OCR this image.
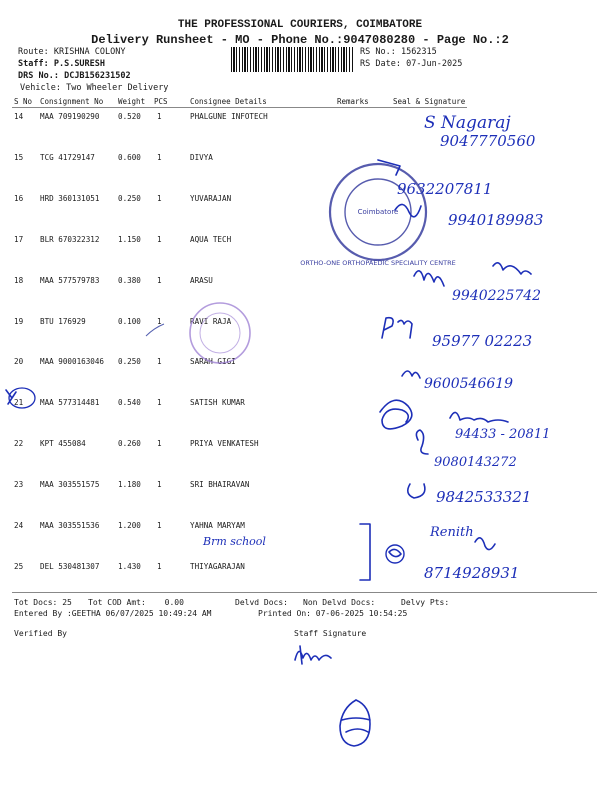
THE PROFESSIONAL COURIERS, COIMBATORE
Delivery Runsheet - MO - Phone No.:9047080280 - Page No.:2
Route: KRISHNA COLONY
Staff: P.S.SURESH
DRS No.: DCJB156231502
Vehicle: Two Wheeler Delivery
RS No.: 1562315
RS Date: 07-Jun-2025
S No Consignment No Weight PCS	Consignee Details	Remarks	Seal & Signature
14 MAA 709190290 0.520 1	PHALGUNE INFOTECH
15 TCG 41729147	0.600 1	DIVYA
16 HRD 360131051 0.250 1	YUVARAJAN
17 BLR 670322312 1.150 1	AQUA TECH
18 MAA 577579783 0.380 1	ARASU
19 BTU 176929	0.100 1	RAVI RAJA
20 MAA 9000163046 0.250 1	SARAH GIGI
21 MAA 577314481 0.540 1	SATISH KUMAR
22 KPT 455084	0.260 1	PRIYA VENKATESH
23 MAA 303551575 1.180 1	SRI BHAIRAVAN
24 MAA 303551536 1.200 1	YAHNA MARYAM
25 DEL 530481307 1.430 1	THIYAGARAJAN
S Nagaraj
9047770560
Coimbatore
ORTHO-ONE ORTHOPAEDIC SPECIALITY CENTRE
9632207811
9940189983
9940225742
95977 02223
9600546619
94433 - 20811
9080143272
9842533321
Brm school
Renith
8714928931
Tot Docs: 25 Tot COD Amt: 0.00	Delvd Docs: Non Delvd Docs:	Delvy Pts:
Entered By :GEETHA 06/07/2025 10:49:24 AM	Printed On: 07-06-2025 10:54:25
Verified By	Staff Signature
